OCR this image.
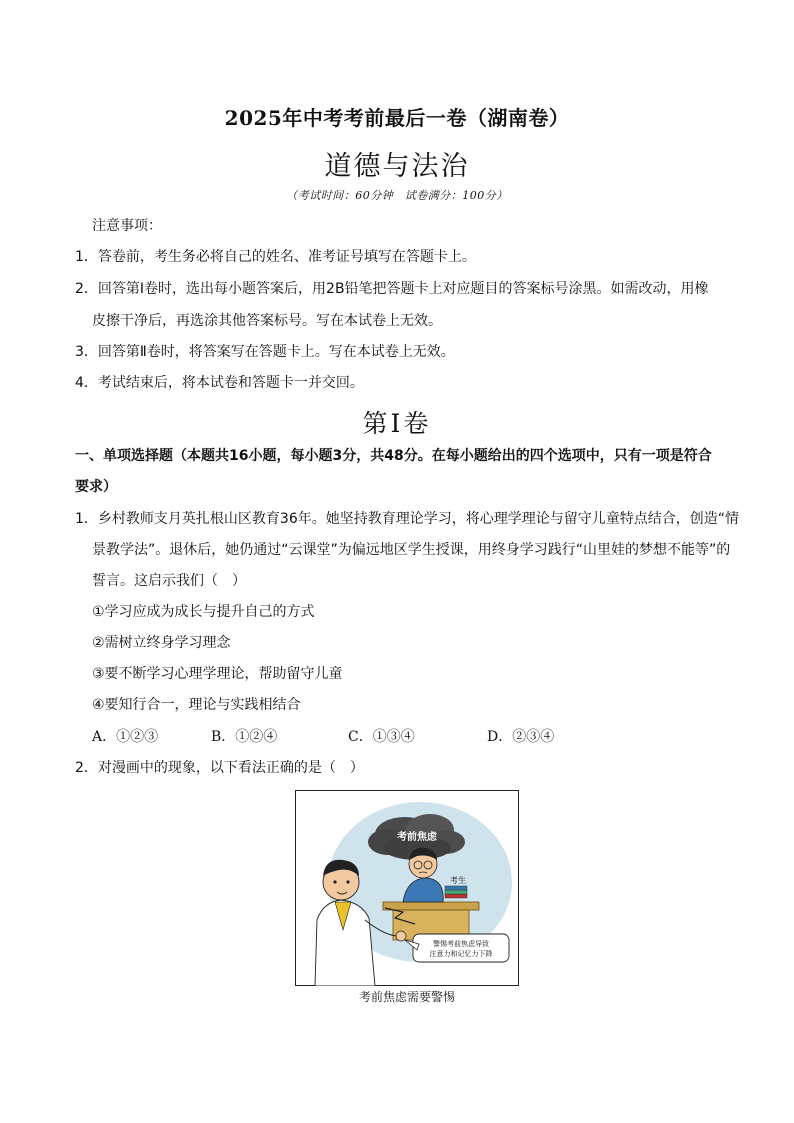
2025年中考考前最后一卷（湖南卷）
道德与法治
（考试时间：60分钟　试卷满分：100分）
注意事项：
1．答卷前，考生务必将自己的姓名、准考证号填写在答题卡上。
2．回答第Ⅰ卷时，选出每小题答案后，用2B铅笔把答题卡上对应题目的答案标号涂黑。如需改动，用橡
皮擦干净后，再选涂其他答案标号。写在本试卷上无效。
3．回答第Ⅱ卷时，将答案写在答题卡上。写在本试卷上无效。
4．考试结束后，将本试卷和答题卡一并交回。
第Ⅰ卷
一、单项选择题（本题共16小题，每小题3分，共48分。在每小题给出的四个选项中，只有一项是符合
要求）
1．乡村教师支月英扎根山区教育36年。她坚持教育理论学习，将心理学理论与留守儿童特点结合，创造“情
景教学法”。退休后，她仍通过“云课堂”为偏远地区学生授课，用终身学习践行“山里娃的梦想不能等”的
誓言。这启示我们（　）
①学习应成为成长与提升自己的方式
②需树立终身学习理念
③要不断学习心理学理论，帮助留守儿童
④要知行合一，理论与实践相结合
A．①②③	B．①②④	C．①③④	D．②③④
2．对漫画中的现象，以下看法正确的是（　）
考前焦虑
考生
警惕考前焦虑导致
注意力和记忆力下降
考前焦虑需要警惕
